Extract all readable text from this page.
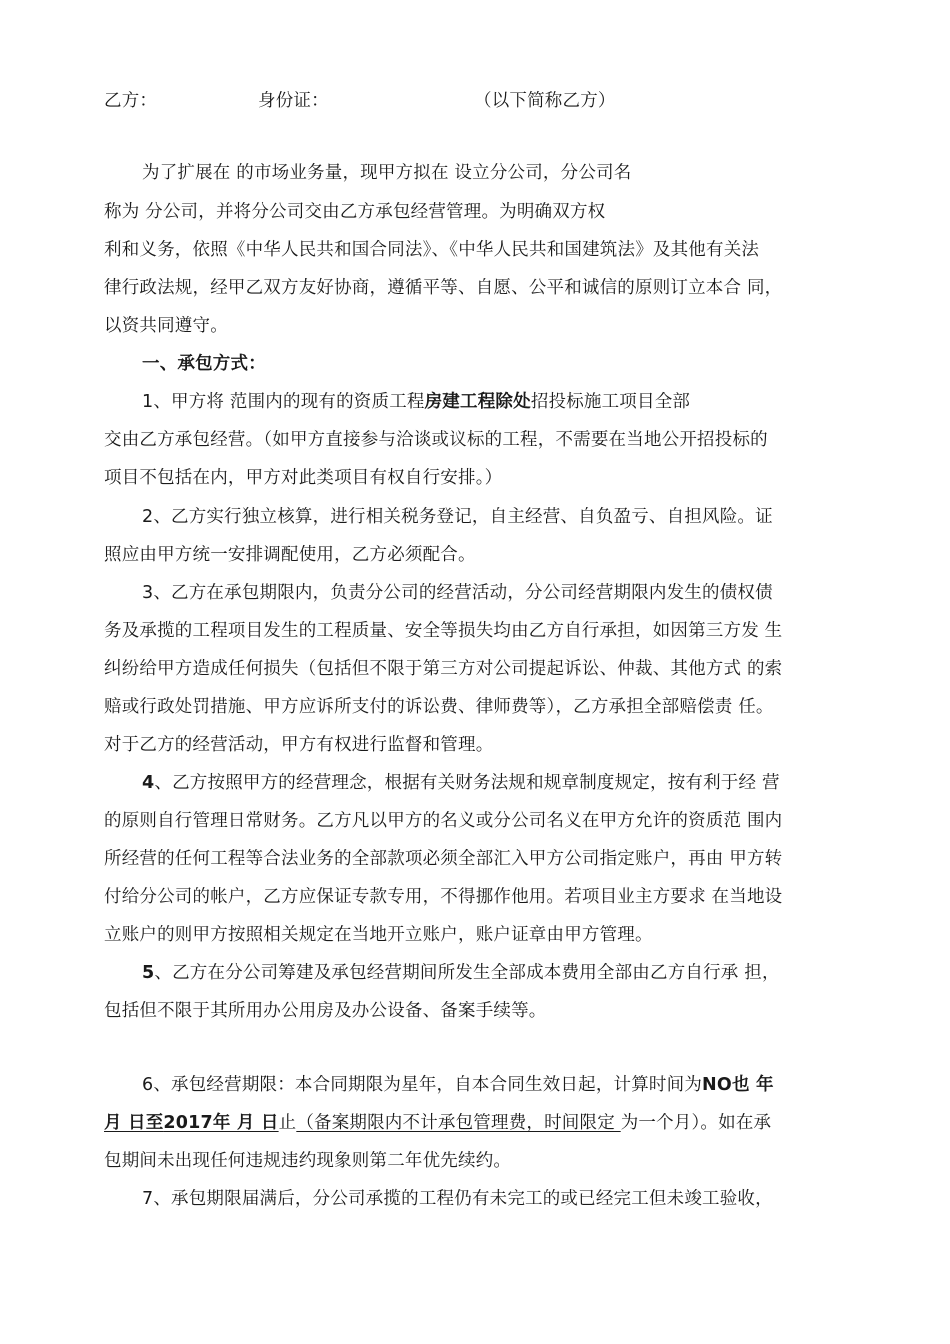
乙方：	身份证：	（以下简称乙方）
为了扩展在 的市场业务量，现甲方拟在 设立分公司，分公司名
称为 分公司，并将分公司交由乙方承包经营管理。为明确双方权
利和义务，依照《中华人民共和国合同法》、《中华人民共和国建筑法》及其他有关法
律行政法规，经甲乙双方友好协商，遵循平等、自愿、公平和诚信的原则订立本合 同，
以资共同遵守。
一、承包方式：
1、甲方将 范围内的现有的资质工程房建工程除处招投标施工项目全部
交由乙方承包经营。（如甲方直接参与洽谈或议标的工程，不需要在当地公开招投标的
项目不包括在内，甲方对此类项目有权自行安排。）
2、乙方实行独立核算，进行相关税务登记，自主经营、自负盈亏、自担风险。证
照应由甲方统一安排调配使用，乙方必须配合。
3、乙方在承包期限内，负责分公司的经营活动，分公司经营期限内发生的债权债
务及承揽的工程项目发生的工程质量、安全等损失均由乙方自行承担，如因第三方发 生
纠纷给甲方造成任何损失（包括但不限于第三方对公司提起诉讼、仲裁、其他方式 的索
赔或行政处罚措施、甲方应诉所支付的诉讼费、律师费等），乙方承担全部赔偿责 任。
对于乙方的经营活动，甲方有权进行监督和管理。
4、乙方按照甲方的经营理念，根据有关财务法规和规章制度规定，按有利于经 营
的原则自行管理日常财务。乙方凡以甲方的名义或分公司名义在甲方允许的资质范 围内
所经营的任何工程等合法业务的全部款项必须全部汇入甲方公司指定账户，再由 甲方转
付给分公司的帐户，乙方应保证专款专用，不得挪作他用。若项目业主方要求 在当地设
立账户的则甲方按照相关规定在当地开立账户，账户证章由甲方管理。
5、乙方在分公司筹建及承包经营期间所发生全部成本费用全部由乙方自行承 担，
包括但不限于其所用办公用房及办公设备、备案手续等。
6、承包经营期限：本合同期限为星年，自本合同生效日起，计算时间为NO也 年
月 日至2017年 月 日止（备案期限内不计承包管理费，时间限定 为一个月）。如在承
包期间未出现任何违规违约现象则第二年优先续约。
7、承包期限届满后，分公司承揽的工程仍有未完工的或已经完工但未竣工验收，
